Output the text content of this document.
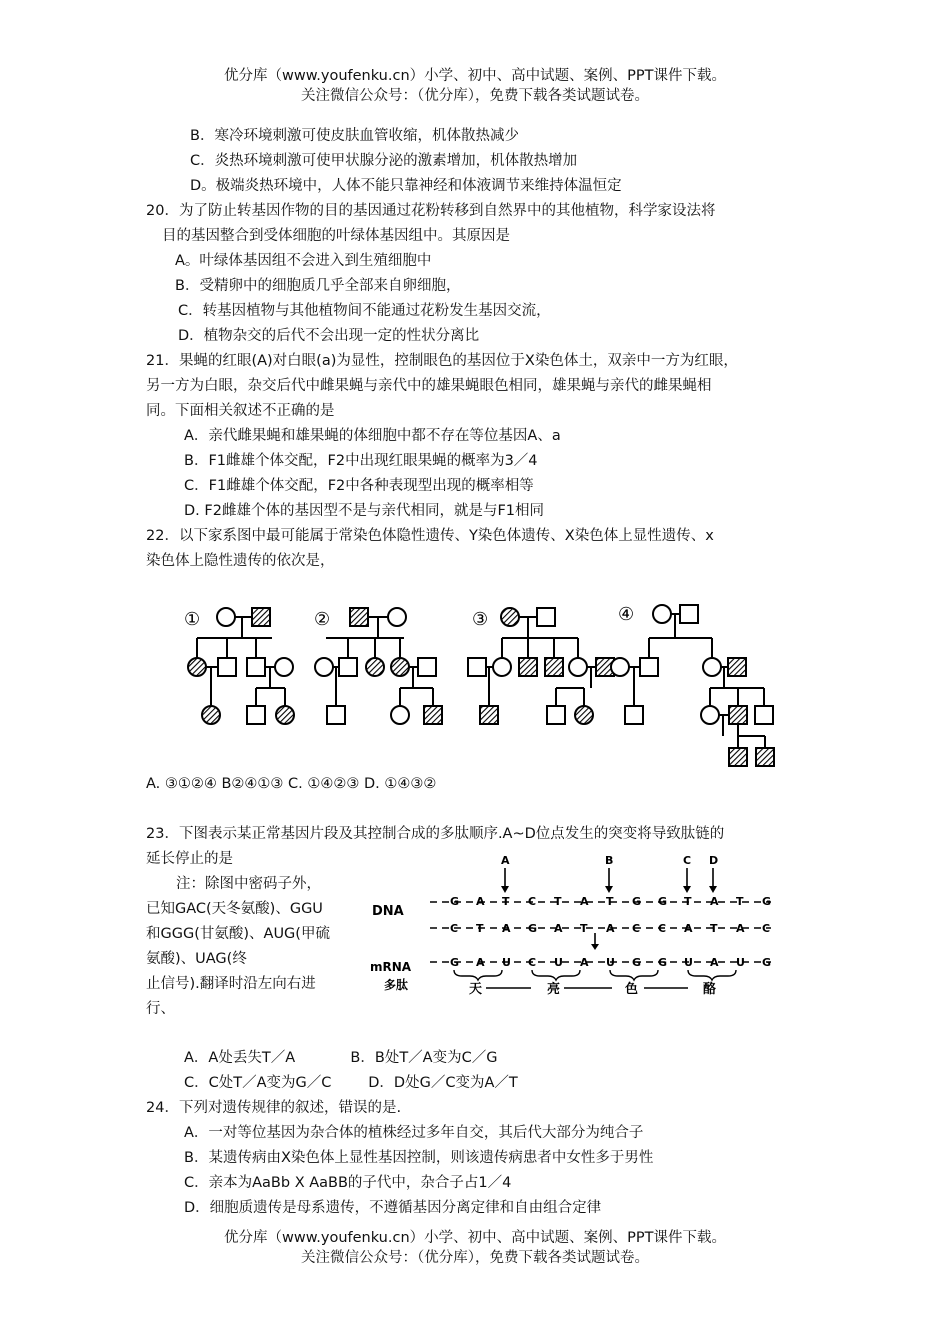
优分库（www.youfenku.cn）小学、初中、高中试题、案例、PPT课件下载。
关注微信公众号：（优分库），免费下载各类试题试卷。
B．寒冷环境刺激可使皮肤血管收缩，机体散热减少
C．炎热环境刺激可使甲状腺分泌的激素增加，机体散热增加
D。极端炎热环境中，人体不能只靠神经和体液调节来维持体温恒定
20．为了防止转基因作物的目的基因通过花粉转移到自然界中的其他植物，科学家设法将
目的基因整合到受体细胞的叶绿体基因组中。其原因是
A。叶绿体基因组不会进入到生殖细胞中
B．受精卵中的细胞质几乎全部来自卵细胞，
C．转基因植物与其他植物间不能通过花粉发生基因交流，
D．植物杂交的后代不会出现一定的性状分离比
21．果蝇的红眼(A)对白眼(a)为显性，控制眼色的基因位于X染色体土，双亲中一方为红眼，
另一方为白眼，杂交后代中雌果蝇与亲代中的雄果蝇眼色相同，雄果蝇与亲代的雌果蝇相
同。下面相关叙述不正确的是
A．亲代雌果蝇和雄果蝇的体细胞中都不存在等位基因A、a
B．F1雌雄个体交配，F2中出现红眼果蝇的概率为3／4
C．F1雌雄个体交配，F2中各种表现型出现的概率相等
D. F2雌雄个体的基因型不是与亲代相同，就是与F1相同
22．以下家系图中最可能属于常染色体隐性遗传、Y染色体遗传、X染色体上显性遗传、x
染色体上隐性遗传的依次是，
①	②	③	④
A. ③①②④ B②④①③ C. ①④②③ D. ①④③②
23．下图表示某正常基因片段及其控制合成的多肽顺序.A~D位点发生的突变将导致肽链的
延长停止的是
注：除图中密码子外，
已知GAC(天冬氨酸)、GGU
和GGG(甘氨酸)、AUG(甲硫
氨酸)、UAG(终
止信号).翻译时沿左向右进
行、
A	B	C D
DNA
mRNA
多肽
G A T C T A T G G T A T G
C T A G A T A C C A T A C
G A U C U A U G G U A U G
天	亮	色	酪
A．A处丢失T／A            B．B处T／A变为C／G
C．C处T／A变为G／C        D．D处G／C变为A／T
24．下列对遗传规律的叙述，错误的是.
A．一对等位基因为杂合体的植株经过多年自交，其后代大部分为纯合子
B．某遗传病由X染色体上显性基因控制，则该遗传病患者中女性多于男性
C．亲本为AaBb X AaBB的子代中，杂合子占1／4
D．细胞质遗传是母系遗传，不遵循基因分离定律和自由组合定律
优分库（www.youfenku.cn）小学、初中、高中试题、案例、PPT课件下载。
关注微信公众号：（优分库），免费下载各类试题试卷。
